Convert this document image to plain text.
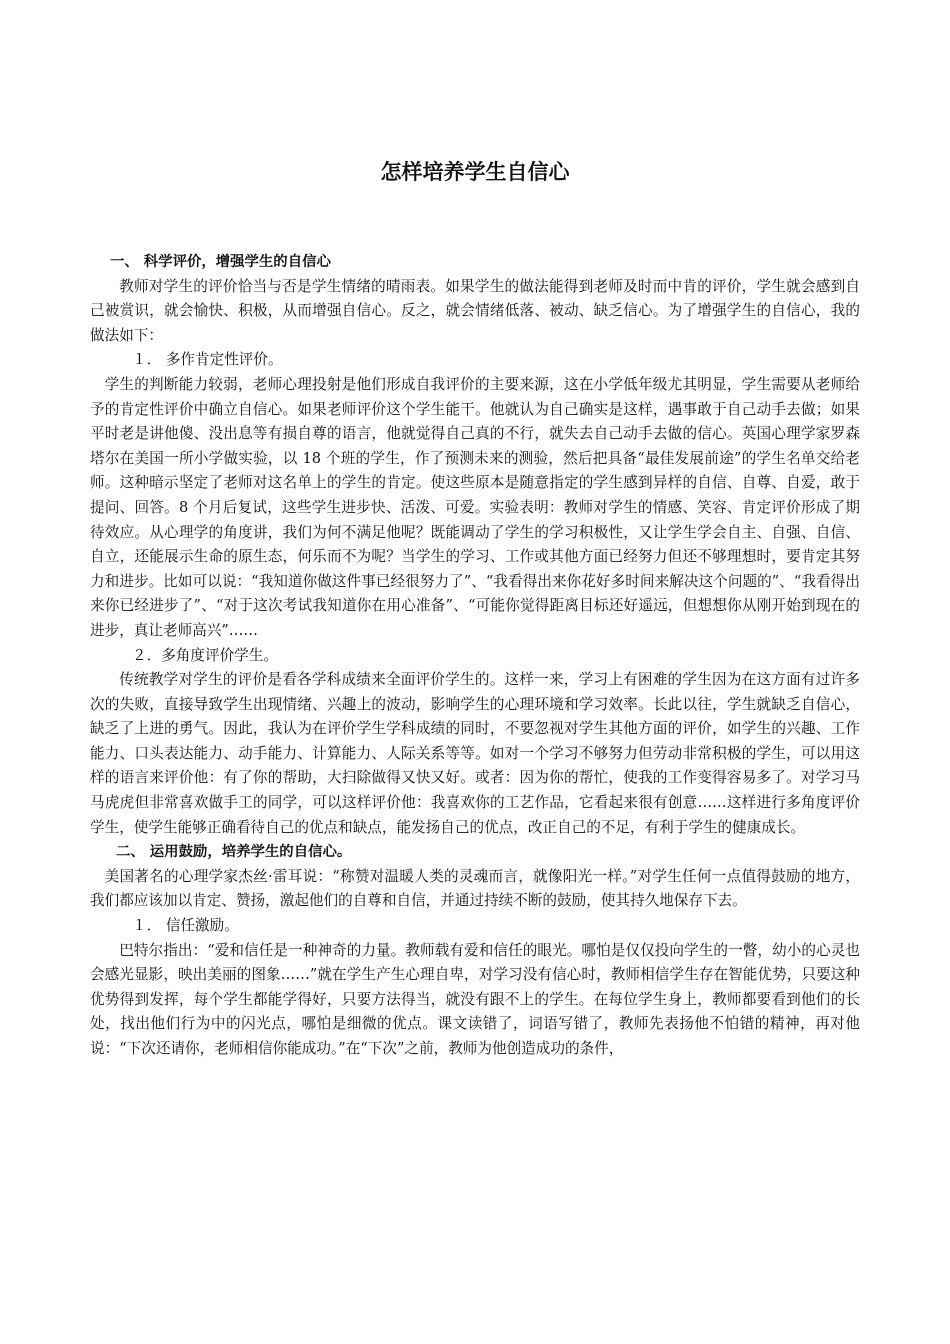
怎样培养学生自信心

一、 科学评价，增强学生的自信心

教师对学生的评价恰当与否是学生情绪的晴雨表。如果学生的做法能得到老师及时而中肯的评价，学生就会感到自己被赏识，就会愉快、积极，从而增强自信心。反之，就会情绪低落、被动、缺乏信心。为了增强学生的自信心，我的做法如下：

１． 多作肯定性评价。

学生的判断能力较弱，老师心理投射是他们形成自我评价的主要来源，这在小学低年级尤其明显，学生需要从老师给予的肯定性评价中确立自信心。如果老师评价这个学生能干。他就认为自己确实是这样，遇事敢于自己动手去做；如果平时老是讲他傻、没出息等有损自尊的语言，他就觉得自己真的不行，就失去自己动手去做的信心。英国心理学家罗森塔尔在美国一所小学做实验，以 18 个班的学生，作了预测未来的测验，然后把具备“最佳发展前途”的学生名单交给老师。这种暗示坚定了老师对这名单上的学生的肯定。使这些原本是随意指定的学生感到异样的自信、自尊、自爱，敢于提问、回答。8 个月后复试，这些学生进步快、活泼、可爱。实验表明：教师对学生的情感、笑容、肯定评价形成了期待效应。从心理学的角度讲，我们为何不满足他呢？既能调动了学生的学习积极性，又让学生学会自主、自强、自信、自立，还能展示生命的原生态，何乐而不为呢？当学生的学习、工作或其他方面已经努力但还不够理想时，要肯定其努力和进步。比如可以说：“我知道你做这件事已经很努力了”、“我看得出来你花好多时间来解决这个问题的”、“我看得出来你已经进步了”、“对于这次考试我知道你在用心准备”、“可能你觉得距离目标还好遥远，但想想你从刚开始到现在的进步，真让老师高兴”……

２．多角度评价学生。

传统教学对学生的评价是看各学科成绩来全面评价学生的。这样一来，学习上有困难的学生因为在这方面有过许多次的失败，直接导致学生出现情绪、兴趣上的波动，影响学生的心理环境和学习效率。长此以往，学生就缺乏自信心，缺乏了上进的勇气。因此，我认为在评价学生学科成绩的同时，不要忽视对学生其他方面的评价，如学生的兴趣、工作能力、口头表达能力、动手能力、计算能力、人际关系等等。如对一个学习不够努力但劳动非常积极的学生，可以用这样的语言来评价他：有了你的帮助，大扫除做得又快又好。或者：因为你的帮忙，使我的工作变得容易多了。对学习马马虎虎但非常喜欢做手工的同学，可以这样评价他：我喜欢你的工艺作品，它看起来很有创意……这样进行多角度评价学生，使学生能够正确看待自己的优点和缺点，能发扬自己的优点，改正自己的不足，有利于学生的健康成长。

二、 运用鼓励，培养学生的自信心。

美国著名的心理学家杰丝·雷耳说：“称赞对温暖人类的灵魂而言，就像阳光一样。”对学生任何一点值得鼓励的地方，我们都应该加以肯定、赞扬，激起他们的自尊和自信，并通过持续不断的鼓励，使其持久地保存下去。

１． 信任激励。

巴特尔指出：“爱和信任是一种神奇的力量。教师载有爱和信任的眼光。哪怕是仅仅投向学生的一瞥，幼小的心灵也会感光显影，映出美丽的图象……”就在学生产生心理自卑，对学习没有信心时，教师相信学生存在智能优势，只要这种优势得到发挥，每个学生都能学得好，只要方法得当，就没有跟不上的学生。在每位学生身上，教师都要看到他们的长处，找出他们行为中的闪光点，哪怕是细微的优点。课文读错了，词语写错了，教师先表扬他不怕错的精神，再对他说：“下次还请你，老师相信你能成功。”在“下次”之前，教师为他创造成功的条件，
